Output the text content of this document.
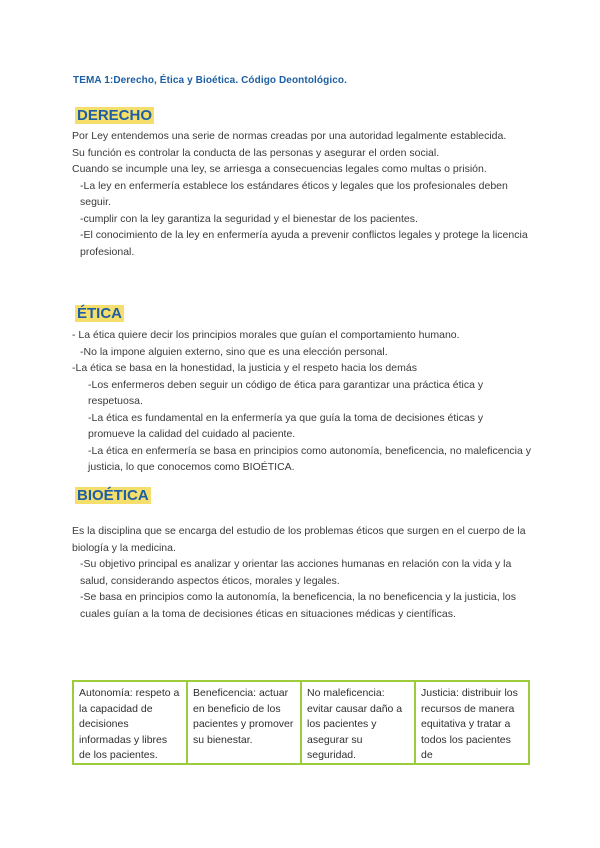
TEMA 1:Derecho, Ética y Bioética. Código Deontológico.
DERECHO

Por Ley entendemos una serie de normas creadas por una autoridad legalmente establecida.

Su función es controlar la conducta de las personas y asegurar el orden social.

Cuando se incumple una ley, se arriesga a consecuencias legales como multas o prisión.

-La ley en enfermería establece los estándares éticos y legales que los profesionales deben seguir.

-cumplir con la ley garantiza la seguridad y el bienestar de los pacientes.

-El conocimiento de la ley en enfermería ayuda a prevenir conflictos legales y protege la licencia profesional.

ÉTICA

- La ética quiere decir los principios morales que guían el comportamiento humano.

-No la impone alguien externo, sino que es una elección personal.

-La ética se basa en la honestidad, la justicia y el respeto hacia los demás

-Los enfermeros deben seguir un código de ética para garantizar una práctica ética y respetuosa.

-La ética es fundamental en la enfermería ya que guía la toma de decisiones éticas y promueve la calidad del cuidado al paciente.

-La ética en enfermería se basa en principios como autonomía, beneficencia, no maleficencia y justicia, lo que conocemos como BIOÉTICA.

BIOÉTICA

Es la disciplina que se encarga del estudio de los problemas éticos que surgen en el cuerpo de la biología y la medicina.

-Su objetivo principal es analizar y orientar las acciones humanas en relación con la vida y la salud, considerando aspectos éticos, morales y legales.

-Se basa en principios como la autonomía, la beneficencia, la no beneficencia y la justicia, los cuales guían a la toma de decisiones éticas en situaciones médicas y científicas.

Autonomía: respeto a la capacidad de decisiones informadas y libres de los pacientes.
Beneficencia: actuar en beneficio de los pacientes y promover su bienestar.
No maleficencia: evitar causar daño a los pacientes y asegurar su seguridad.
Justicia: distribuir los recursos de manera equitativa y tratar a todos los pacientes de
